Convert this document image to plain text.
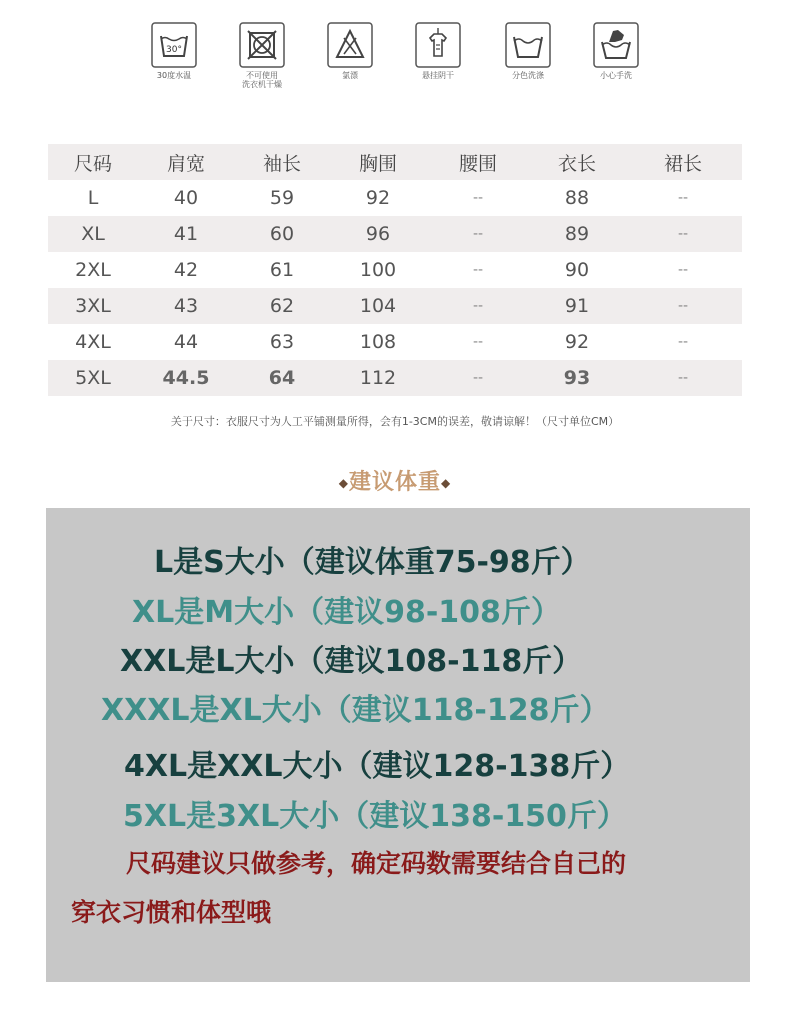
30°
30度水温	不可使用
洗衣机干燥
氯漂	悬挂阴干	分色洗涤	小心手洗
尺码	肩宽	袖长	胸围	腰围	衣长	裙长
L	40	59	92	--	88	--
XL	41	60	96	--	89	--
2XL	42	61	100	--	90	--
3XL	43	62	104	--	91	--
4XL	44	63	108	--	92	--
5XL	44.5	64	112	--	93	--
关于尺寸：衣服尺寸为人工平铺测量所得，会有1-3CM的误差，敬请谅解！（尺寸单位CM）
◆建议体重◆
L是S大小（建议体重75-98斤）
XL是M大小（建议98-108斤）
XXL是L大小（建议108-118斤）
XXXL是XL大小（建议118-128斤）
4XL是XXL大小（建议128-138斤）
5XL是3XL大小（建议138-150斤）
尺码建议只做参考，确定码数需要结合自己的
穿衣习惯和体型哦
